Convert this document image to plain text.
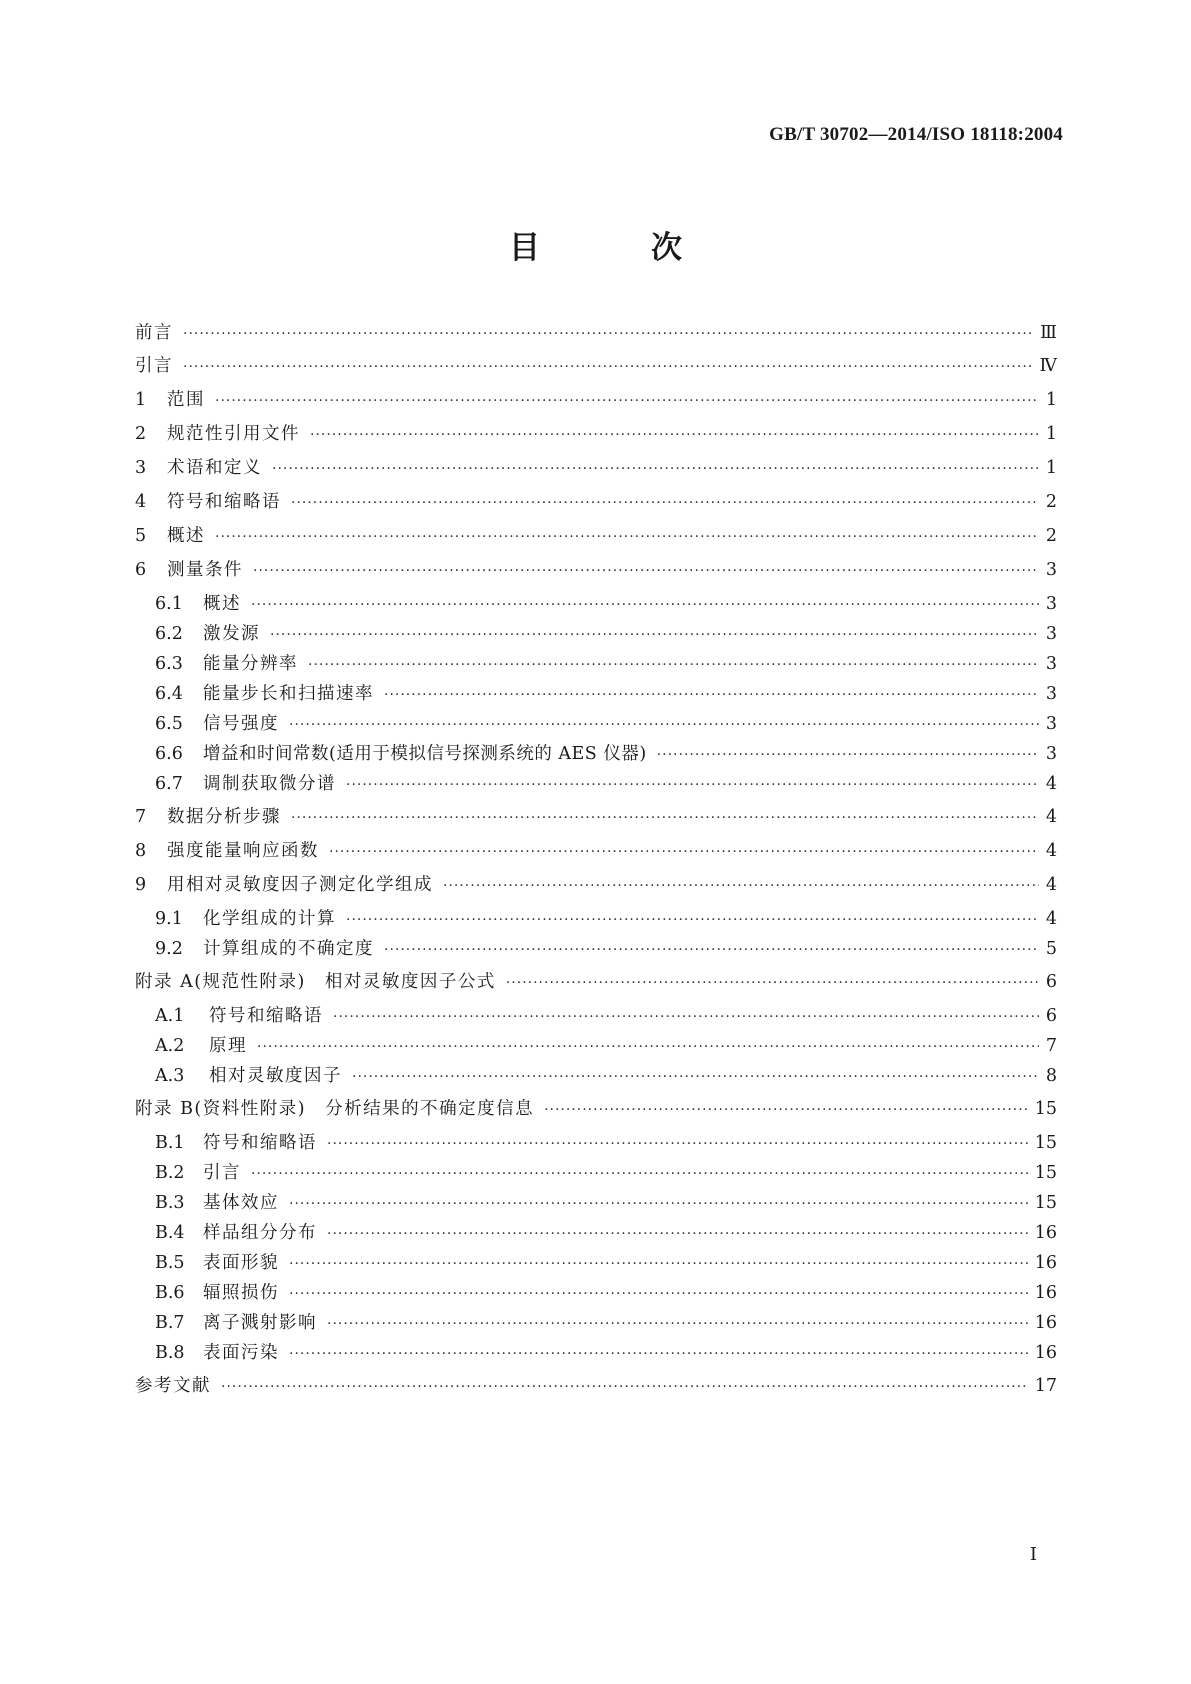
GB/T 30702—2014/ISO 18118:2004
目　次
前言 ·····	Ⅲ
引言 ·····	Ⅳ
1	范围 ·····	1
2	规范性引用文件 ·····	1
3	术语和定义 ·····	1
4	符号和缩略语 ·····	2
5	概述 ·····	2
6	测量条件 ·····	3
6.1	概述 ·····	3
6.2	激发源 ·····	3
6.3	能量分辨率 ·····	3
6.4	能量步长和扫描速率 ·····	3
6.5	信号强度 ·····	3
6.6	增益和时间常数(适用于模拟信号探测系统的 AES 仪器) ·····	3
6.7	调制获取微分谱 ·····	4
7	数据分析步骤 ·····	4
8	强度能量响应函数 ·····	4
9	用相对灵敏度因子测定化学组成 ·····	4
9.1	化学组成的计算 ·····	4
9.2	计算组成的不确定度 ·····	5
附录 A(规范性附录)　相对灵敏度因子公式 ·····	6
A.1	符号和缩略语 ·····	6
A.2	原理 ·····	7
A.3	相对灵敏度因子 ·····	8
附录 B(资料性附录)　分析结果的不确定度信息 ·····	15
B.1	符号和缩略语 ·····	15
B.2	引言 ·····	15
B.3	基体效应 ·····	15
B.4	样品组分分布 ·····	16
B.5	表面形貌 ·····	16
B.6	辐照损伤 ·····	16
B.7	离子溅射影响 ·····	16
B.8	表面污染 ·····	16
参考文献 ·····	17
I
